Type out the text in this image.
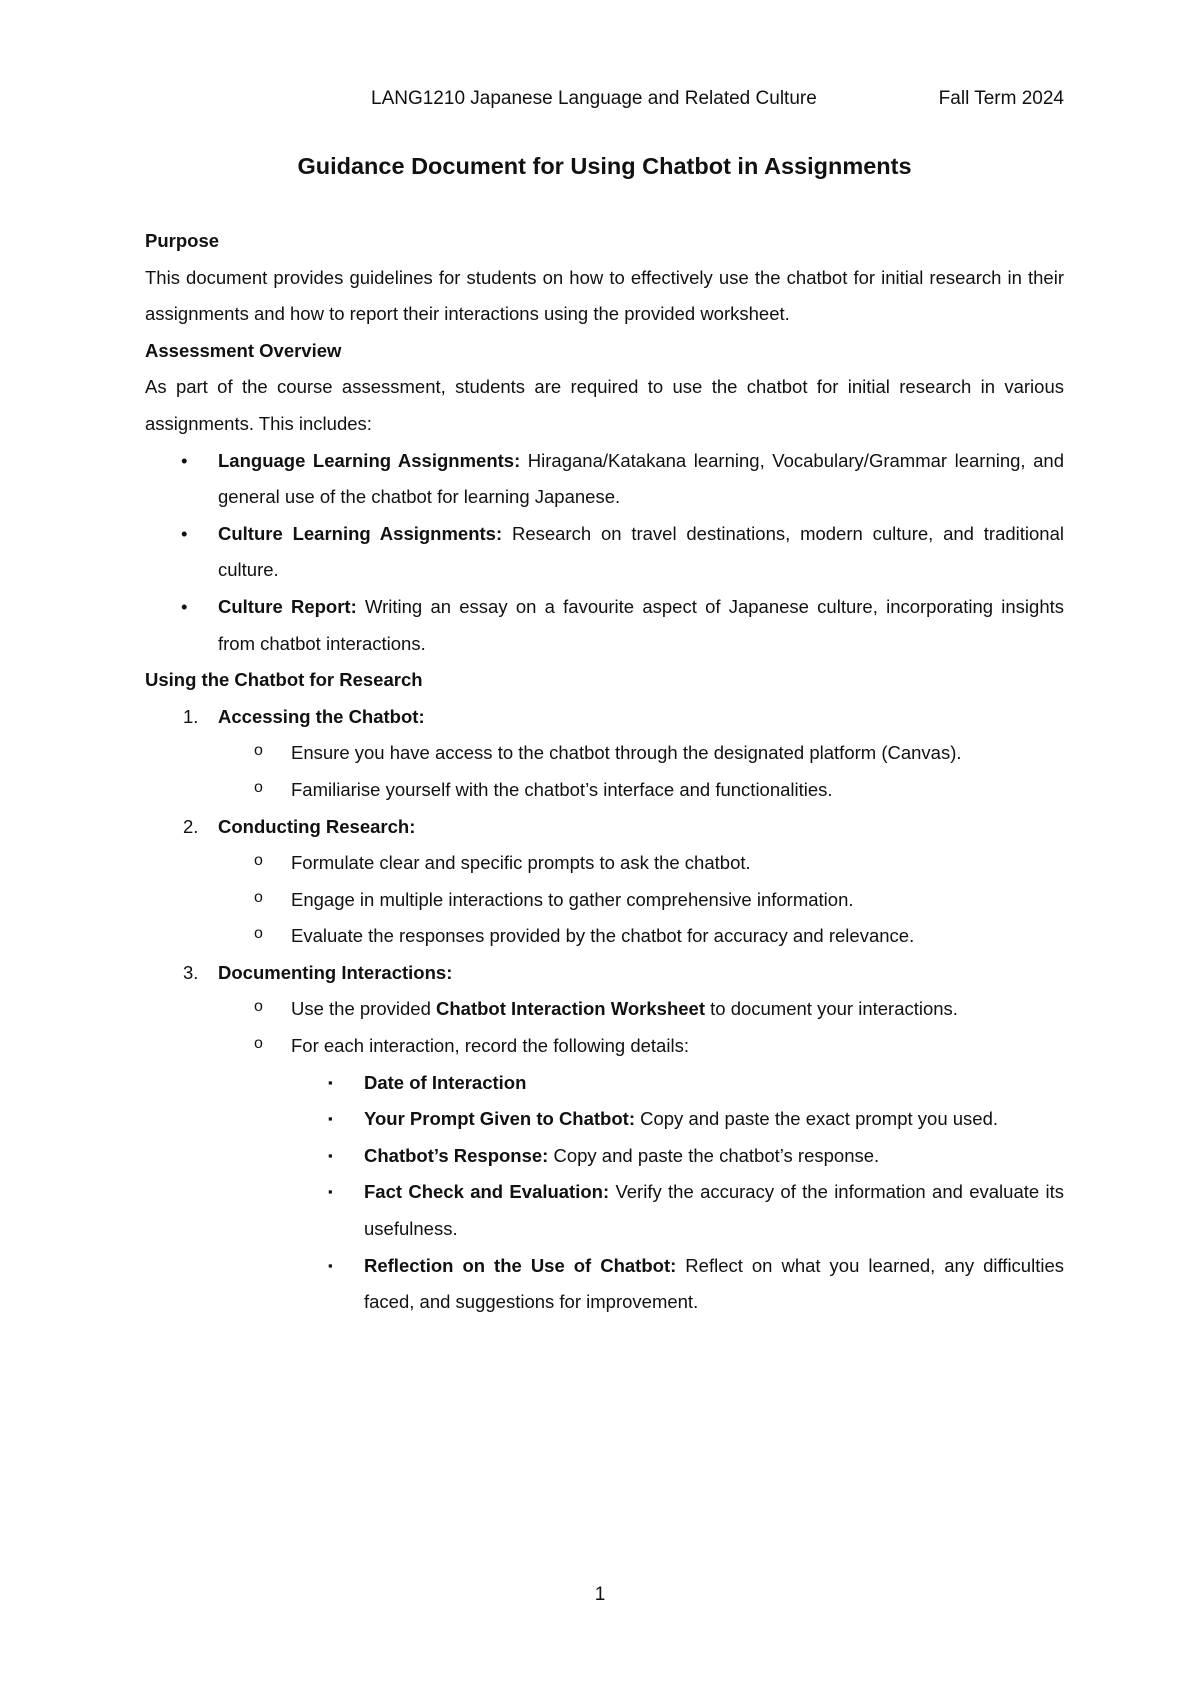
LANG1210 Japanese Language and Related Culture	Fall Term 2024
Guidance Document for Using Chatbot in Assignments

Purpose

This document provides guidelines for students on how to effectively use the chatbot for initial research in their assignments and how to report their interactions using the provided worksheet.

Assessment Overview

As part of the course assessment, students are required to use the chatbot for initial research in various assignments. This includes:

• Language Learning Assignments: Hiragana/Katakana learning, Vocabulary/Grammar learning, and general use of the chatbot for learning Japanese.
• Culture Learning Assignments: Research on travel destinations, modern culture, and traditional culture.
• Culture Report: Writing an essay on a favourite aspect of Japanese culture, incorporating insights from chatbot interactions.

Using the Chatbot for Research

1. Accessing the Chatbot:
o Ensure you have access to the chatbot through the designated platform (Canvas).
o Familiarise yourself with the chatbot’s interface and functionalities.
2. Conducting Research:
o Formulate clear and specific prompts to ask the chatbot.
o Engage in multiple interactions to gather comprehensive information.
o Evaluate the responses provided by the chatbot for accuracy and relevance.
3. Documenting Interactions:
o Use the provided Chatbot Interaction Worksheet to document your interactions.
o For each interaction, record the following details:
▪ Date of Interaction
▪ Your Prompt Given to Chatbot: Copy and paste the exact prompt you used.
▪ Chatbot’s Response: Copy and paste the chatbot’s response.
▪ Fact Check and Evaluation: Verify the accuracy of the information and evaluate its usefulness.
▪ Reflection on the Use of Chatbot: Reflect on what you learned, any difficulties faced, and suggestions for improvement.
1
